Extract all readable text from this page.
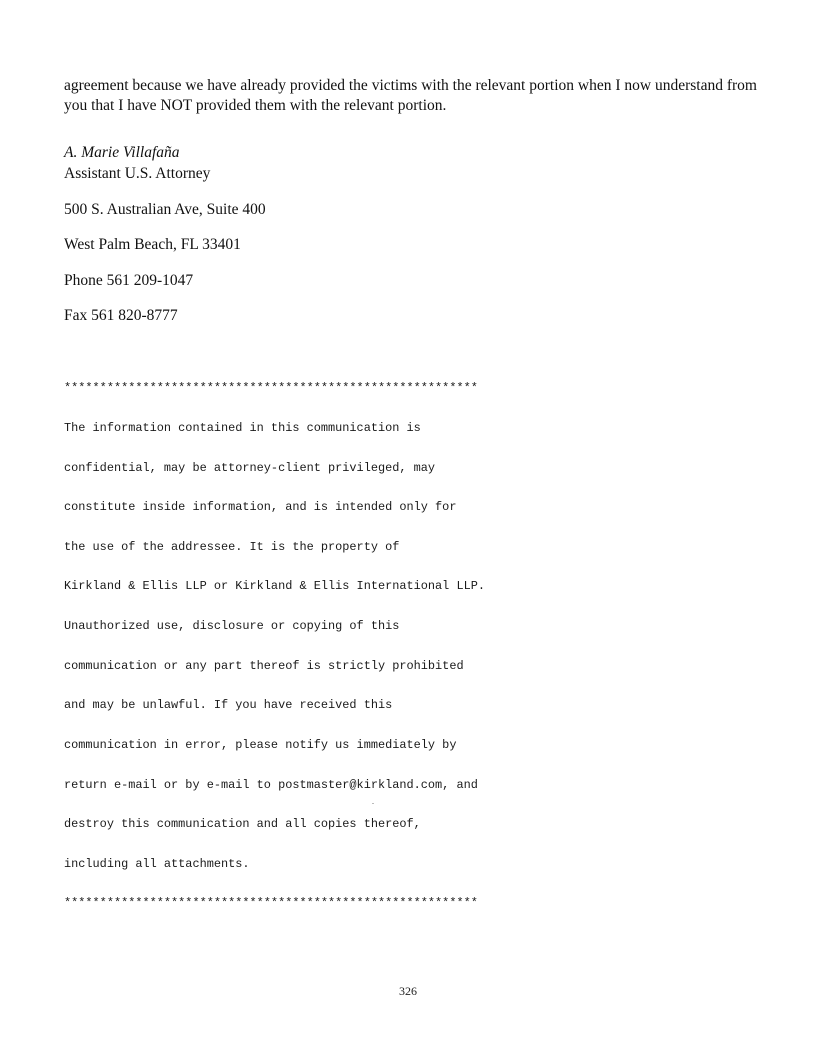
agreement because we have already provided the victims with the relevant portion when I now understand from you that I have NOT provided them with the relevant portion.

A. Marie Villafaña
Assistant U.S. Attorney
500 S. Australian Ave, Suite 400
West Palm Beach, FL 33401
Phone 561 209-1047
Fax 561 820-8777

**********************************************************

The information contained in this communication is

confidential, may be attorney-client privileged, may

constitute inside information, and is intended only for

the use of the addressee. It is the property of

Kirkland & Ellis LLP or Kirkland & Ellis International LLP.

Unauthorized use, disclosure or copying of this

communication or any part thereof is strictly prohibited

and may be unlawful. If you have received this

communication in error, please notify us immediately by

return e-mail or by e-mail to postmaster@kirkland.com, and

destroy this communication and all copies thereof,

including all attachments.

**********************************************************

326
